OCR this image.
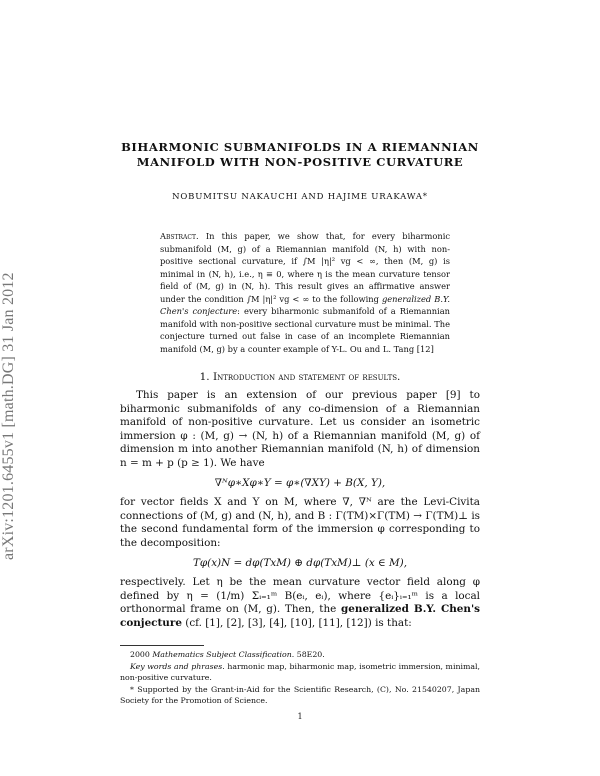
arXiv:1201.6455v1 [math.DG] 31 Jan 2012
BIHARMONIC SUBMANIFOLDS IN A RIEMANNIAN
MANIFOLD WITH NON-POSITIVE CURVATURE
NOBUMITSU NAKAUCHI AND HAJIME URAKAWA*
Abstract. In this paper, we show that, for every biharmonic submanifold (M, g) of a Riemannian manifold (N, h) with non-positive sectional curvature, if ∫M |η|² vg < ∞, then (M, g) is minimal in (N, h), i.e., η ≡ 0, where η is the mean curvature tensor field of (M, g) in (N, h). This result gives an affirmative answer under the condition ∫M |η|² vg < ∞ to the following generalized B.Y. Chen's conjecture: every biharmonic submanifold of a Riemannian manifold with non-positive sectional curvature must be minimal. The conjecture turned out false in case of an incomplete Riemannian manifold (M, g) by a counter example of Y-L. Ou and L. Tang [12]
1. Introduction and statement of results.

This paper is an extension of our previous paper [9] to biharmonic submanifolds of any co-dimension of a Riemannian manifold of non-positive curvature. Let us consider an isometric immersion φ : (M, g) → (N, h) of a Riemannian manifold (M, g) of dimension m into another Riemannian manifold (N, h) of dimension n = m + p (p ≥ 1). We have

∇ᴺφ∗Xφ∗Y = φ∗(∇XY) + B(X, Y),

for vector fields X and Y on M, where ∇, ∇ᴺ are the Levi-Civita connections of (M, g) and (N, h), and B : Γ(TM)×Γ(TM) → Γ(TM)⊥ is the second fundamental form of the immersion φ corresponding to the decomposition:

Tφ(x)N = dφ(TxM) ⊕ dφ(TxM)⊥ (x ∈ M),

respectively. Let η be the mean curvature vector field along φ defined by η = (1/m) Σᵢ₌₁ᵐ B(eᵢ, eᵢ), where {eᵢ}ᵢ₌₁ᵐ is a local orthonormal frame on (M, g). Then, the generalized B.Y. Chen's conjecture (cf. [1], [2], [3], [4], [10], [11], [12]) is that:

2000 Mathematics Subject Classification. 58E20.

Key words and phrases. harmonic map, biharmonic map, isometric immersion, minimal, non-positive curvature.

* Supported by the Grant-in-Aid for the Scientific Research, (C), No. 21540207, Japan Society for the Promotion of Science.

1
